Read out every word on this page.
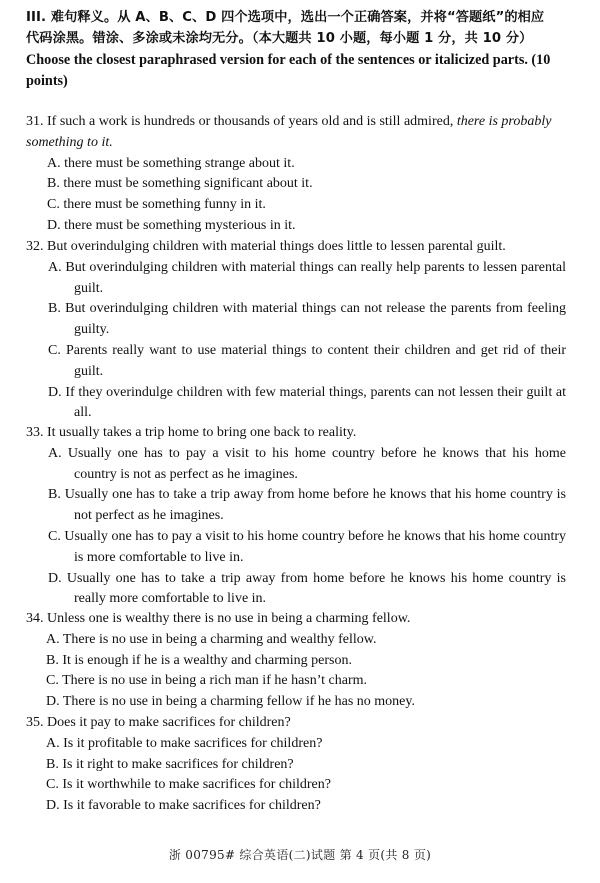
III. 难句释义。从 A、B、C、D 四个选项中，选出一个正确答案，并将“答题纸”的相应
代码涂黑。错涂、多涂或未涂均无分。（本大题共 10 小题，每小题 1 分，共 10 分）
Choose the closest paraphrased version for each of the sentences or italicized parts. (10 points)
31. If such a work is hundreds or thousands of years old and is still admired, there is probably something to it.
A. there must be something strange about it.
B. there must be something significant about it.
C. there must be something funny in it.
D. there must be something mysterious in it.
32. But overindulging children with material things does little to lessen parental guilt.
A. But overindulging children with material things can really help parents to lessen parental guilt.
B. But overindulging children with material things can not release the parents from feeling guilty.
C. Parents really want to use material things to content their children and get rid of their guilt.
D. If they overindulge children with few material things, parents can not lessen their guilt at all.
33. It usually takes a trip home to bring one back to reality.
A. Usually one has to pay a visit to his home country before he knows that his home country is not as perfect as he imagines.
B. Usually one has to take a trip away from home before he knows that his home country is not perfect as he imagines.
C. Usually one has to pay a visit to his home country before he knows that his home country is more comfortable to live in.
D. Usually one has to take a trip away from home before he knows his home country is really more comfortable to live in.
34. Unless one is wealthy there is no use in being a charming fellow.
A. There is no use in being a charming and wealthy fellow.
B. It is enough if he is a wealthy and charming person.
C. There is no use in being a rich man if he hasn’t charm.
D. There is no use in being a charming fellow if he has no money.
35. Does it pay to make sacrifices for children?
A. Is it profitable to make sacrifices for children?
B. Is it right to make sacrifices for children?
C. Is it worthwhile to make sacrifices for children?
D. Is it favorable to make sacrifices for children?
浙 00795# 综合英语(二)试题 第 4 页(共 8 页)
